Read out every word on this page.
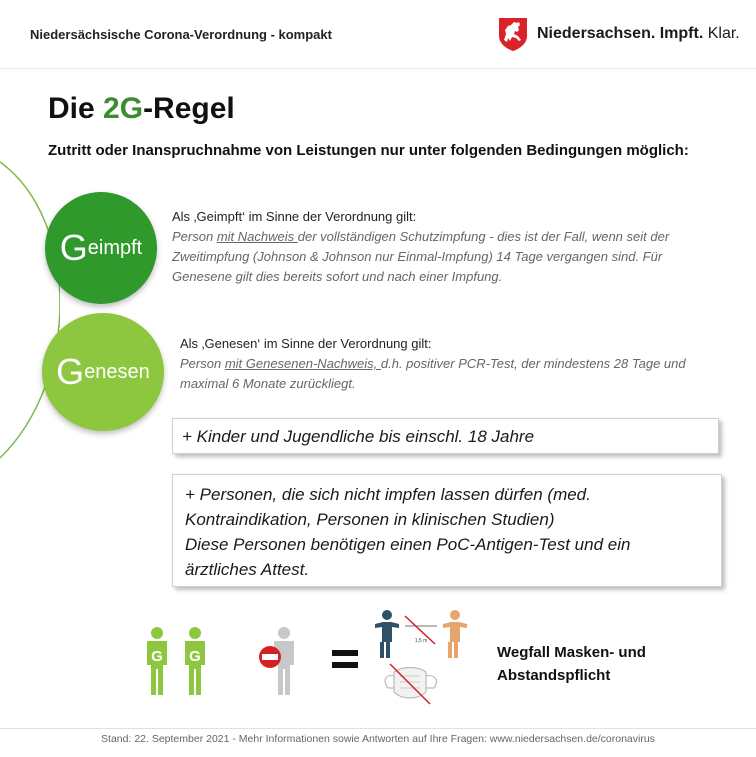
Niedersächsische Corona-Verordnung - kompakt	Niedersachsen. Impft. Klar.
Die 2G-Regel
Zutritt oder Inanspruchnahme von Leistungen nur unter folgenden Bedingungen möglich:
G eimpft
G enesen
Als ‚Geimpft‘ im Sinne der Verordnung gilt:
Person mit Nachweis der vollständigen Schutzimpfung - dies ist der Fall, wenn seit der Zweitimpfung (Johnson & Johnson nur Einmal-Impfung) 14 Tage vergangen sind. Für Genesene gilt dies bereits sofort und nach einer Impfung.
Als ‚Genesen‘ im Sinne der Verordnung gilt:
Person mit Genesenen-Nachweis, d.h. positiver PCR-Test, der mindestens 28 Tage und maximal 6 Monate zurückliegt.
+ Kinder und Jugendliche bis einschl. 18 Jahre
+ Personen, die sich nicht impfen lassen dürfen (med.
Kontraindikation, Personen in klinischen Studien)
Diese Personen benötigen einen PoC-Antigen-Test und ein
ärztliches Attest.
G G
1,5 m
Wegfall Masken- und
Abstandspflicht
Stand: 22. September 2021 - Mehr Informationen sowie Antworten auf Ihre Fragen: www.niedersachsen.de/coronavirus
